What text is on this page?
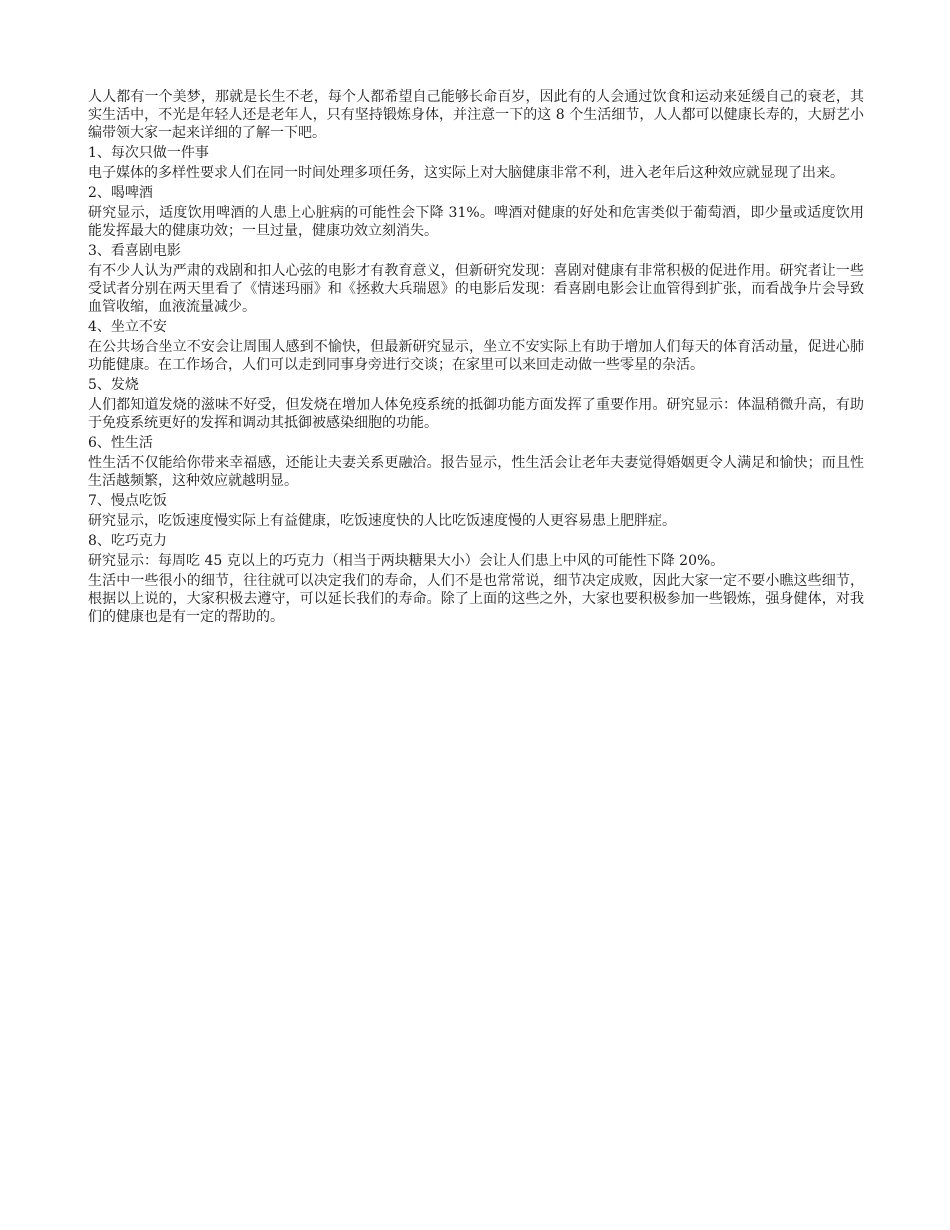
人人都有一个美梦，那就是长生不老，每个人都希望自己能够长命百岁，因此有的人会通过饮食和运动来延缓自己的衰老，其实生活中，不光是年轻人还是老年人，只有坚持锻炼身体，并注意一下的这 8 个生活细节，人人都可以健康长寿的，大厨艺小编带领大家一起来详细的了解一下吧。

1、每次只做一件事

电子媒体的多样性要求人们在同一时间处理多项任务，这实际上对大脑健康非常不利，进入老年后这种效应就显现了出来。

2、喝啤酒

研究显示，适度饮用啤酒的人患上心脏病的可能性会下降 31%。啤酒对健康的好处和危害类似于葡萄酒，即少量或适度饮用能发挥最大的健康功效；一旦过量，健康功效立刻消失。

3、看喜剧电影

有不少人认为严肃的戏剧和扣人心弦的电影才有教育意义，但新研究发现：喜剧对健康有非常积极的促进作用。研究者让一些受试者分别在两天里看了《情迷玛丽》和《拯救大兵瑞恩》的电影后发现：看喜剧电影会让血管得到扩张，而看战争片会导致血管收缩，血液流量减少。

4、坐立不安

在公共场合坐立不安会让周围人感到不愉快，但最新研究显示，坐立不安实际上有助于增加人们每天的体育活动量，促进心肺功能健康。在工作场合，人们可以走到同事身旁进行交谈；在家里可以来回走动做一些零星的杂活。

5、发烧

人们都知道发烧的滋味不好受，但发烧在增加人体免疫系统的抵御功能方面发挥了重要作用。研究显示：体温稍微升高，有助于免疫系统更好的发挥和调动其抵御被感染细胞的功能。

6、性生活

性生活不仅能给你带来幸福感，还能让夫妻关系更融洽。报告显示，性生活会让老年夫妻觉得婚姻更令人满足和愉快；而且性生活越频繁，这种效应就越明显。

7、慢点吃饭

研究显示，吃饭速度慢实际上有益健康，吃饭速度快的人比吃饭速度慢的人更容易患上肥胖症。

8、吃巧克力

研究显示：每周吃 45 克以上的巧克力（相当于两块糖果大小）会让人们患上中风的可能性下降 20%。

生活中一些很小的细节，往往就可以决定我们的寿命，人们不是也常常说，细节决定成败，因此大家一定不要小瞧这些细节，根据以上说的，大家积极去遵守，可以延长我们的寿命。除了上面的这些之外，大家也要积极参加一些锻炼，强身健体，对我们的健康也是有一定的帮助的。
